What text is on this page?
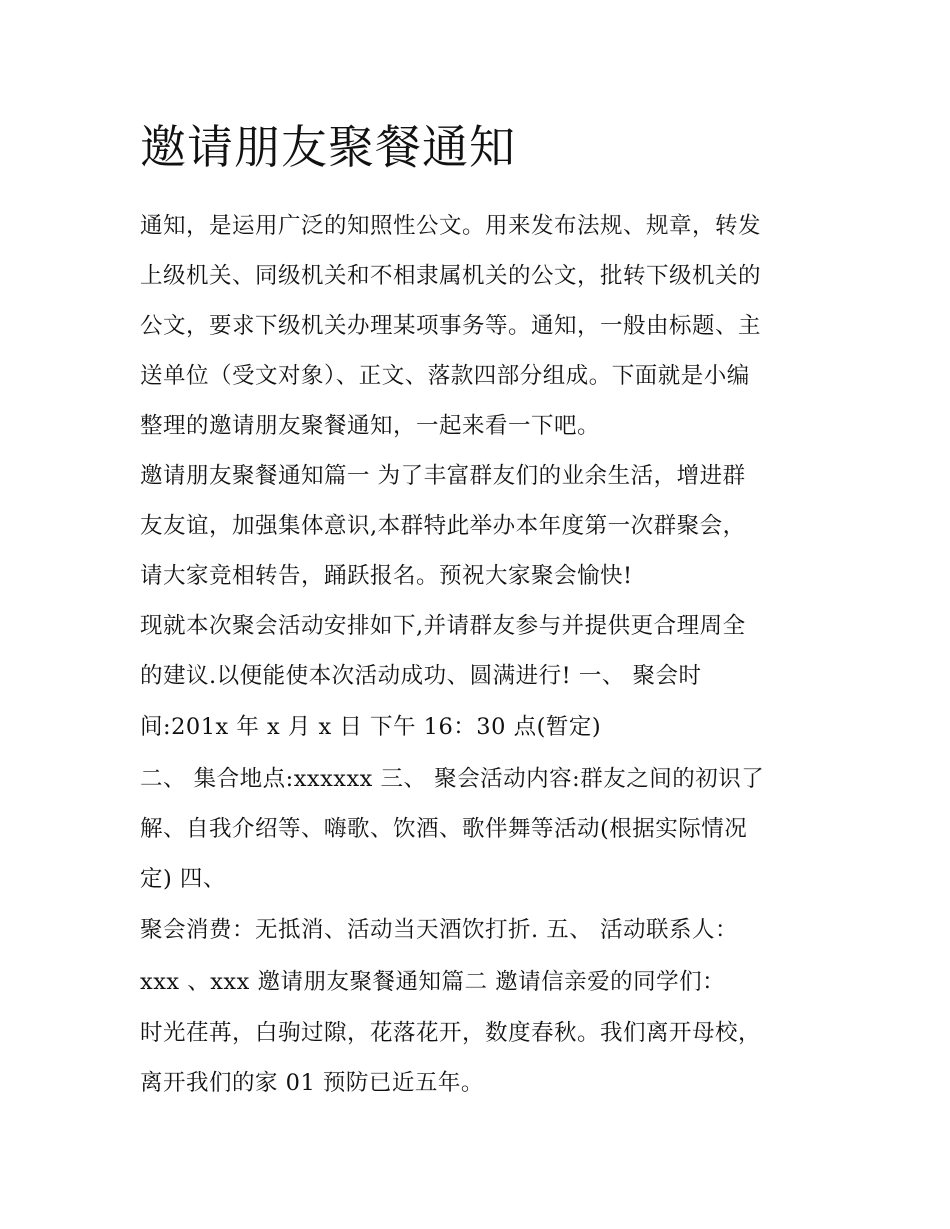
邀请朋友聚餐通知

通知，是运用广泛的知照性公文。用来发布法规、规章，转发

上级机关、同级机关和不相隶属机关的公文，批转下级机关的

公文，要求下级机关办理某项事务等。通知，一般由标题、主

送单位（受文对象）、正文、落款四部分组成。下面就是小编

整理的邀请朋友聚餐通知，一起来看一下吧。

邀请朋友聚餐通知篇一 为了丰富群友们的业余生活，增进群

友友谊，加强集体意识,本群特此举办本年度第一次群聚会，

请大家竞相转告，踊跃报名。预祝大家聚会愉快!

现就本次聚会活动安排如下,并请群友参与并提供更合理周全

的建议.以便能使本次活动成功、圆满进行! 一、 聚会时

间:201x 年 x 月 x 日 下午 16：30 点(暂定)

二、 集合地点:xxxxxx 三、 聚会活动内容:群友之间的初识了

解、自我介绍等、嗨歌、饮酒、歌伴舞等活动(根据实际情况

定) 四、

聚会消费：无抵消、活动当天酒饮打折. 五、 活动联系人：

xxx 、xxx 邀请朋友聚餐通知篇二 邀请信亲爱的同学们：

时光荏苒，白驹过隙，花落花开，数度春秋。我们离开母校，

离开我们的家 01 预防已近五年。
